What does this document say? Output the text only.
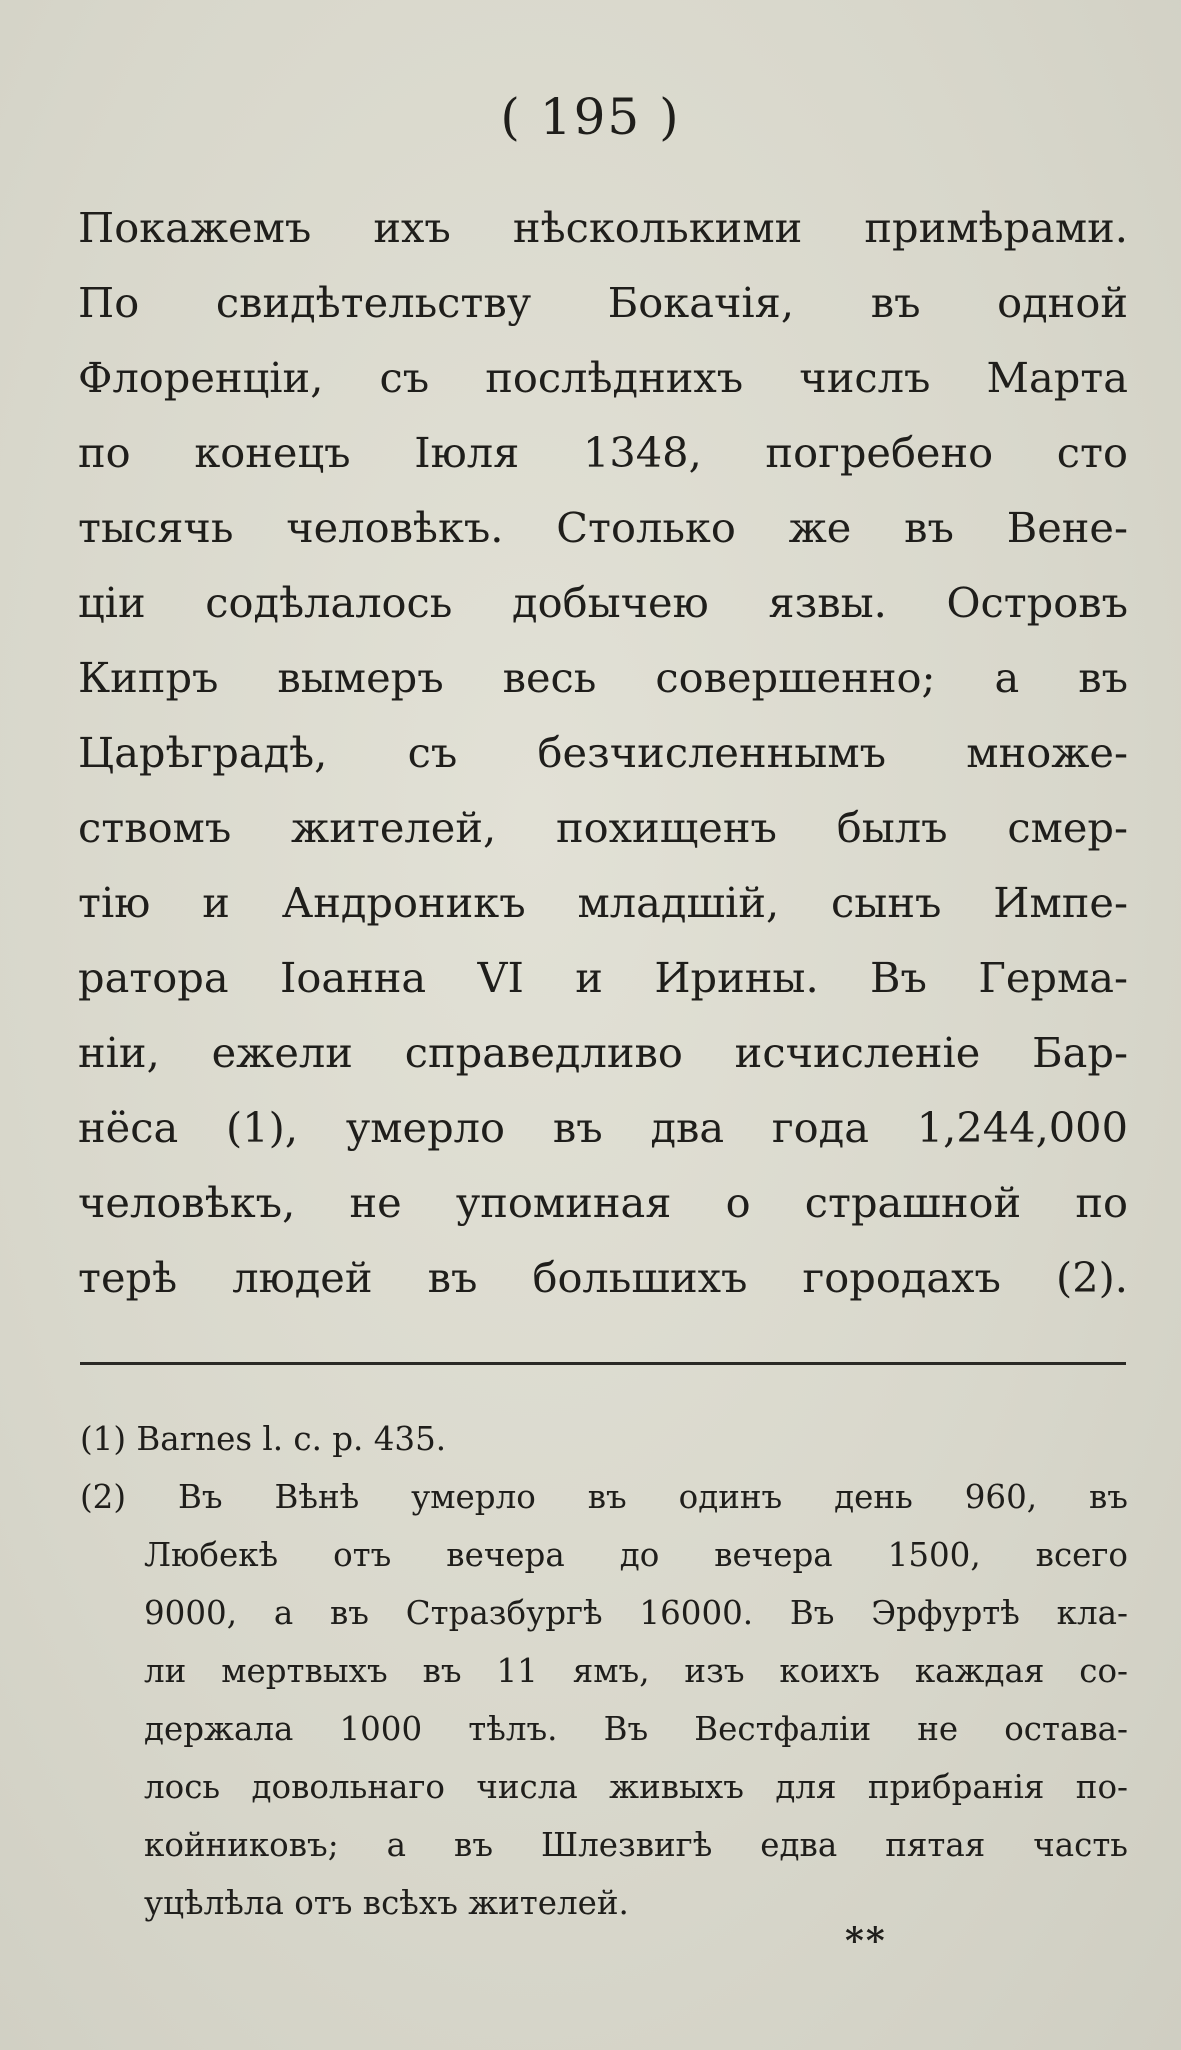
( 195 )
Покажемъ ихъ нѣсколькими примѣрами.
По свидѣтельству Бокачія, въ одной
Флоренціи, съ послѣднихъ числъ Марта
по конецъ Іюля 1348, погребено сто
тысячь человѣкъ. Столько же въ Вене-
ціи содѣлалось добычею язвы. Островъ
Кипръ вымеръ весь совершенно; а въ
Царѣградѣ, съ безчисленнымъ множе-
ствомъ жителей, похищенъ былъ смер-
тію и Андроникъ младшій, сынъ Импе-
ратора Іоанна VI и Ирины. Въ Герма-
ніи, ежели справедливо исчисленіе Бар-
нёса (1), умерло въ два года 1,244,000
человѣкъ, не упоминая о страшной по
терѣ людей въ большихъ городахъ (2).
(1) Barnes l. c. p. 435.
(2) Въ Вѣнѣ умерло въ одинъ день 960, въ
Любекѣ отъ вечера до вечера 1500, всего
9000, а въ Стразбургѣ 16000. Въ Эрфуртѣ кла-
ли мертвыхъ въ 11 ямъ, изъ коихъ каждая со-
держала 1000 тѣлъ. Въ Вестфаліи не остава-
лось довольнаго числа живыхъ для прибранія по-
койниковъ; а въ Шлезвигѣ едва пятая часть
уцѣлѣла отъ всѣхъ жителей.
**
